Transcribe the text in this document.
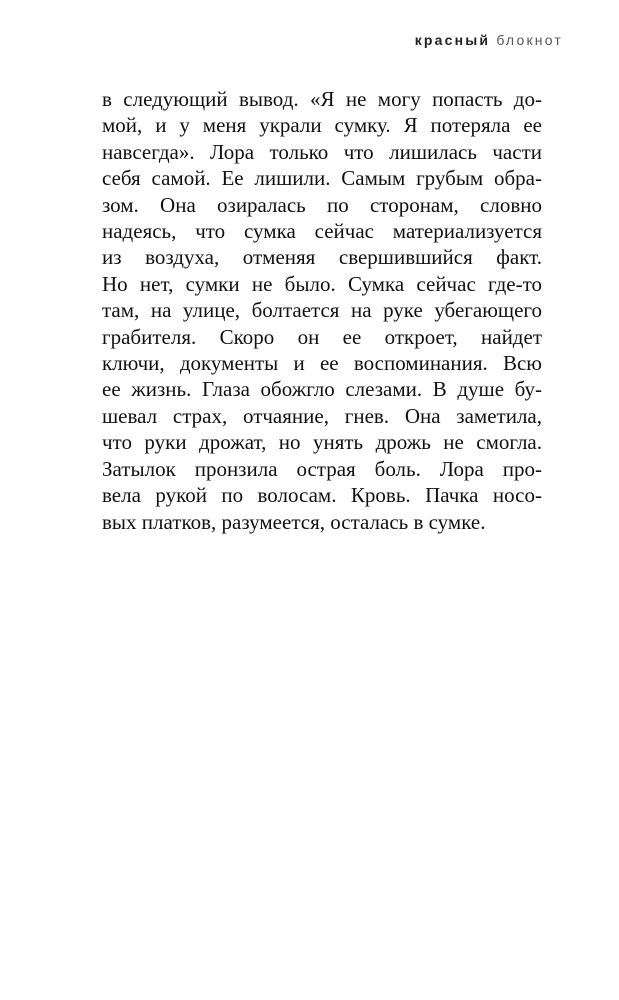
красный блокнот
в следующий вывод. «Я не могу попасть до-
мой, и у меня украли сумку. Я потеряла ее
навсегда». Лора только что лишилась части
себя самой. Ее лишили. Самым грубым обра-
зом. Она озиралась по сторонам, словно
надеясь, что сумка сейчас материализуется
из воздуха, отменяя свершившийся факт.
Но нет, сумки не было. Сумка сейчас где-то
там, на улице, болтается на руке убегающего
грабителя. Скоро он ее откроет, найдет
ключи, документы и ее воспоминания. Всю
ее жизнь. Глаза обожгло слезами. В душе бу-
шевал страх, отчаяние, гнев. Она заметила,
что руки дрожат, но унять дрожь не смогла.
Затылок пронзила острая боль. Лора про-
вела рукой по волосам. Кровь. Пачка носо-
вых платков, разумеется, осталась в сумке.
